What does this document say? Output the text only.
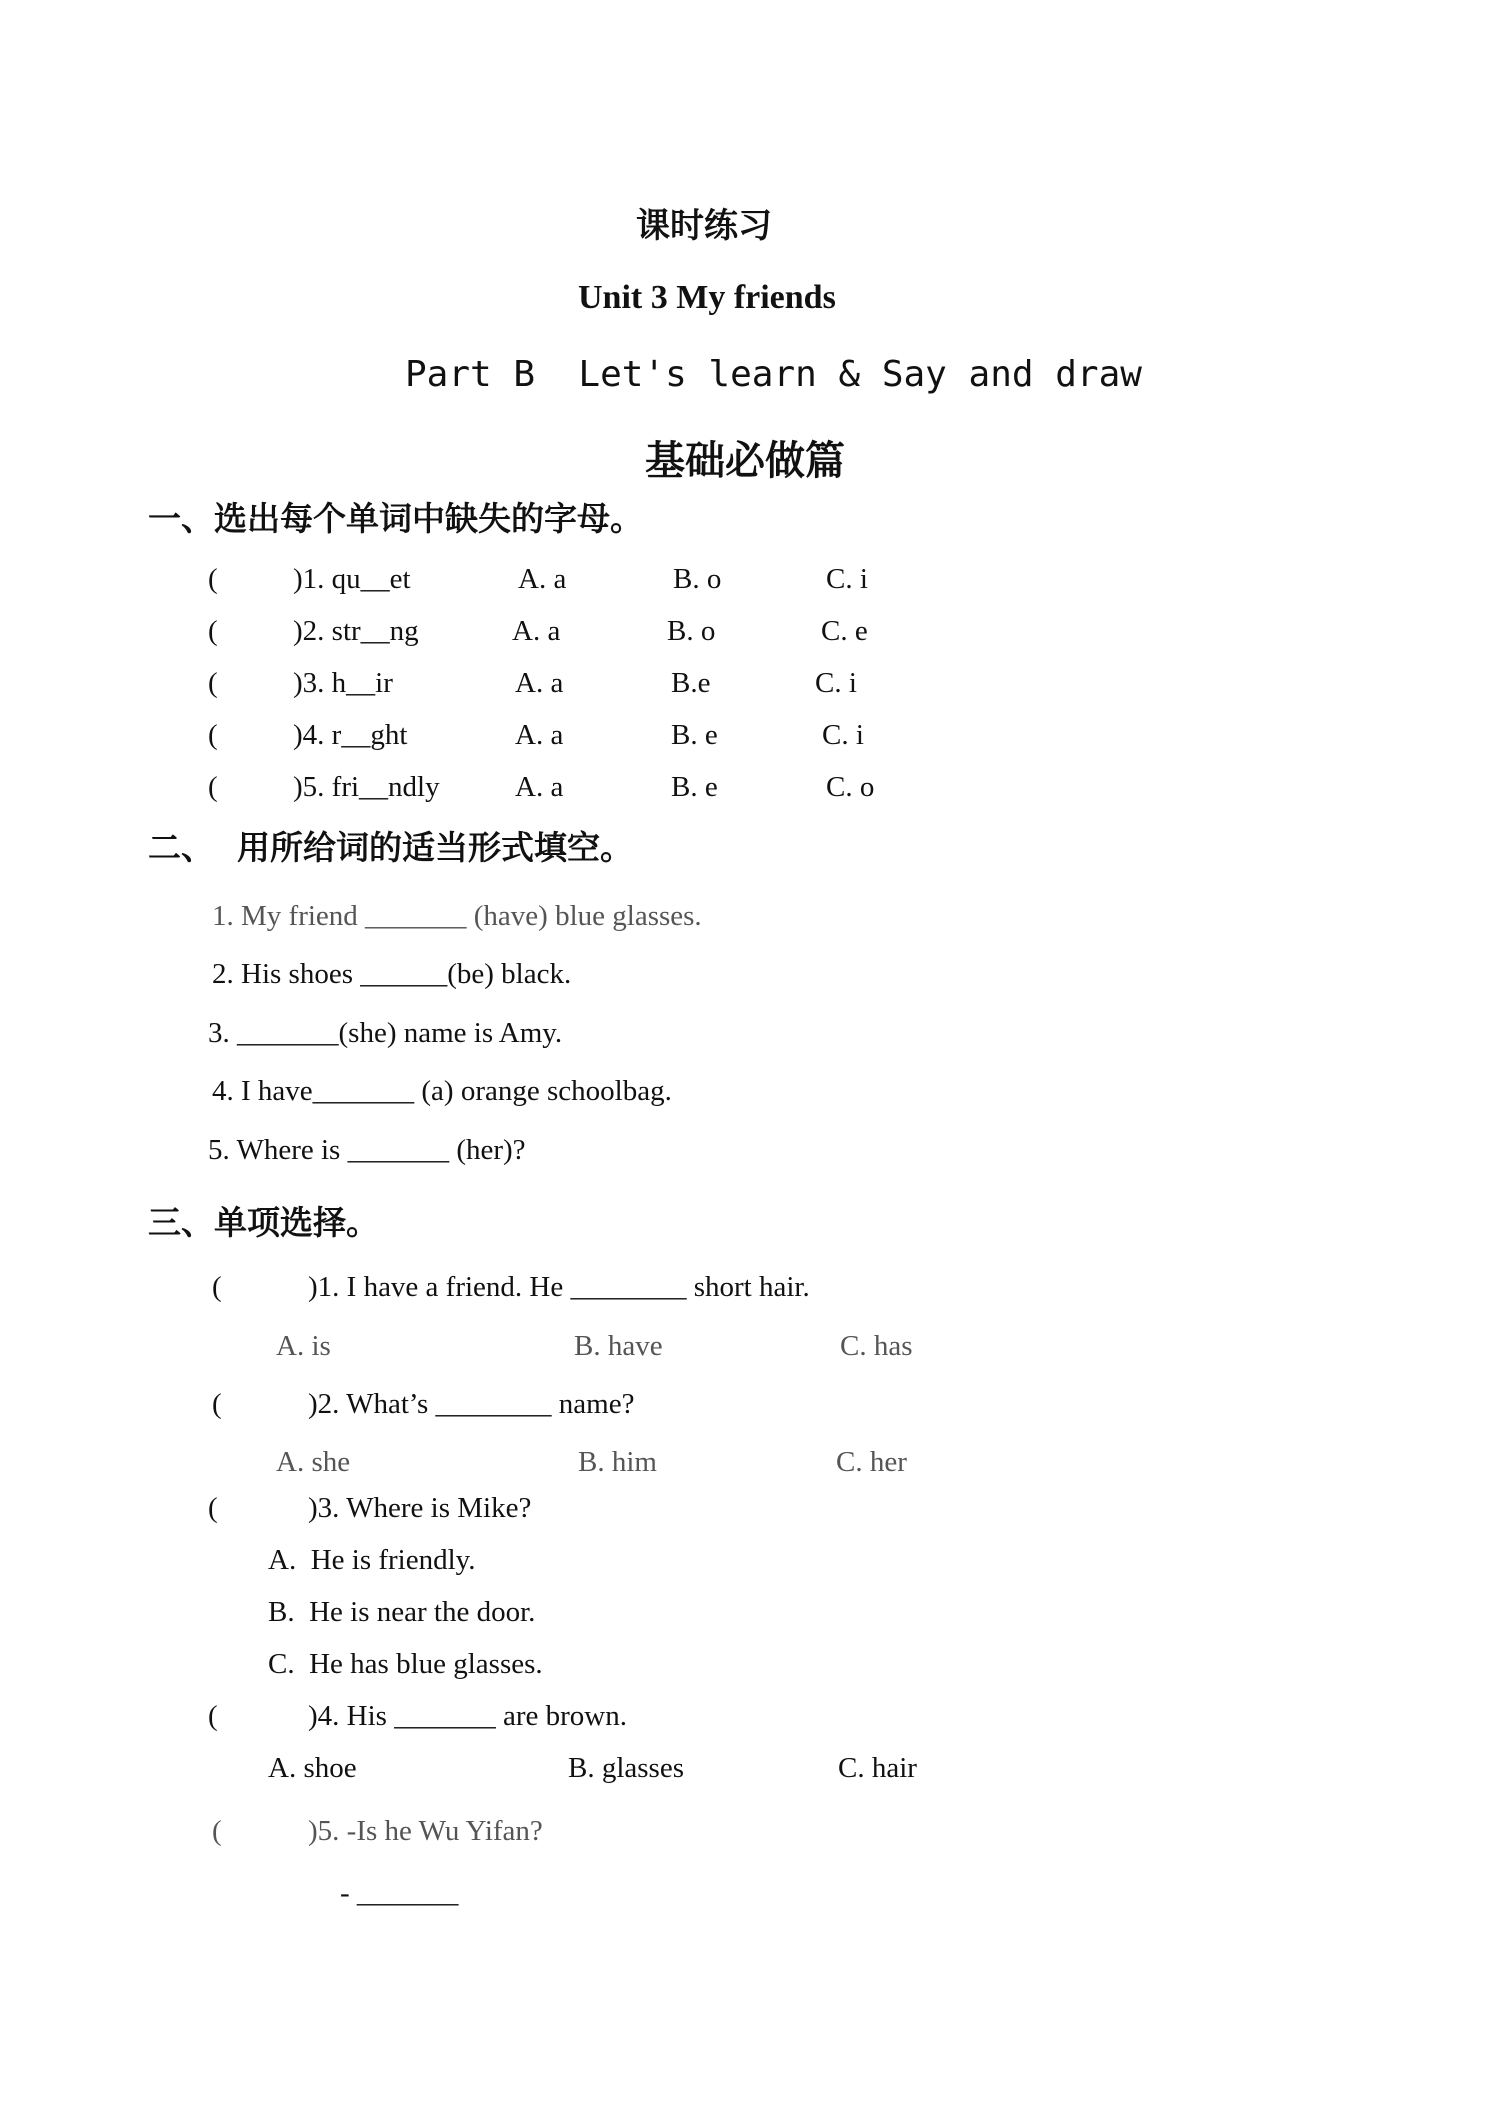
课时练习
Unit 3 My friends
Part B  Let's learn & Say and draw
基础必做篇
一、选出每个单词中缺失的字母。
(	)1. qu__et	A. a	B. o	C. i
(	)2. str__ng	A. a	B. o	C. e
(	)3. h__ir	A. a	B.e	C. i
(	)4. r__ght	A. a	B. e	C. i
(	)5. fri__ndly	A. a	B. e	C. o
二、 用所给词的适当形式填空。
1. My friend _______ (have) blue glasses.
2. His shoes ______(be) black.
3. _______(she) name is Amy.
4. I have_______ (a) orange schoolbag.
5. Where is _______ (her)?
三、单项选择。
(	)1. I have a friend. He ________ short hair.
A. is	B. have	C. has
(	)2. What’s ________ name?
A. she	B. him	C. her
(	)3. Where is Mike?
A.  He is friendly.
B.  He is near the door.
C.  He has blue glasses.
(	)4. His _______ are brown.
A. shoe	B. glasses	C. hair
(	)5. -Is he Wu Yifan?
- _______
